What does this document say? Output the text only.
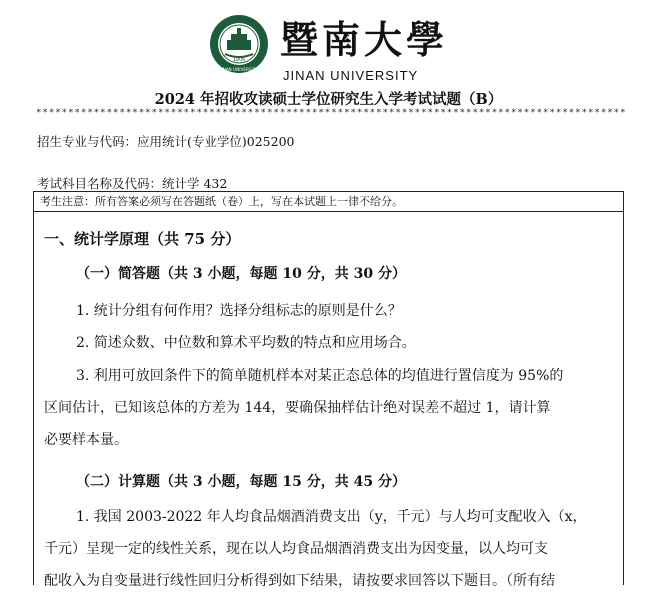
1906
JINAN UNIVERSITY
暨南大學
JINAN UNIVERSITY
2024 年招收攻读硕士学位研究生入学考试试题（B）
********************************************************************************************
招生专业与代码：应用统计(专业学位)025200
考试科目名称及代码：统计学 432
考生注意：所有答案必须写在答题纸（卷）上，写在本试题上一律不给分。
一、统计学原理（共 75 分）
（一）简答题（共 3 小题，每题 10 分，共 30 分）
1. 统计分组有何作用？选择分组标志的原则是什么？
2. 简述众数、中位数和算术平均数的特点和应用场合。
3. 利用可放回条件下的简单随机样本对某正态总体的均值进行置信度为 95%的
区间估计，已知该总体的方差为 144，要确保抽样估计绝对误差不超过 1，请计算
必要样本量。
（二）计算题（共 3 小题，每题 15 分，共 45 分）
1. 我国 2003-2022 年人均食品烟酒消费支出（y，千元）与人均可支配收入（x，
千元）呈现一定的线性关系，现在以人均食品烟酒消费支出为因变量，以人均可支
配收入为自变量进行线性回归分析得到如下结果，请按要求回答以下题目。（所有结
